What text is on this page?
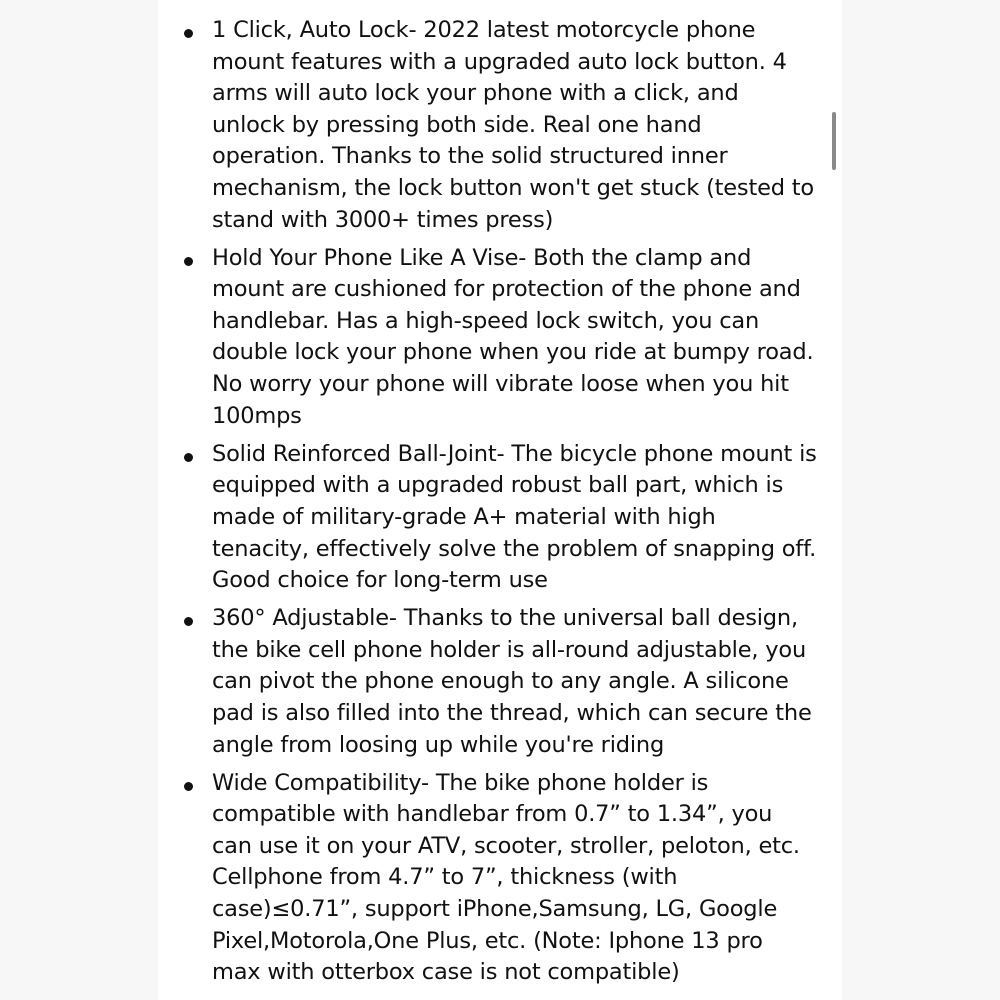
1 Click, Auto Lock- 2022 latest motorcycle phone mount features with a upgraded auto lock button. 4 arms will auto lock your phone with a click, and unlock by pressing both side. Real one hand operation. Thanks to the solid structured inner mechanism, the lock button won't get stuck (tested to stand with 3000+ times press)
Hold Your Phone Like A Vise- Both the clamp and mount are cushioned for protection of the phone and handlebar. Has a high-speed lock switch, you can double lock your phone when you ride at bumpy road. No worry your phone will vibrate loose when you hit 100mps
Solid Reinforced Ball-Joint- The bicycle phone mount is equipped with a upgraded robust ball part, which is made of military-grade A+ material with high tenacity, effectively solve the problem of snapping off. Good choice for long-term use
360° Adjustable- Thanks to the universal ball design, the bike cell phone holder is all-round adjustable, you can pivot the phone enough to any angle. A silicone pad is also filled into the thread, which can secure the angle from loosing up while you're riding
Wide Compatibility- The bike phone holder is compatible with handlebar from 0.7” to 1.34”, you can use it on your ATV, scooter, stroller, peloton, etc. Cellphone from 4.7” to 7”, thickness (with case)≤0.71”, support iPhone,Samsung, LG, Google Pixel,Motorola,One Plus, etc. (Note: Iphone 13 pro max with otterbox case is not compatible)
